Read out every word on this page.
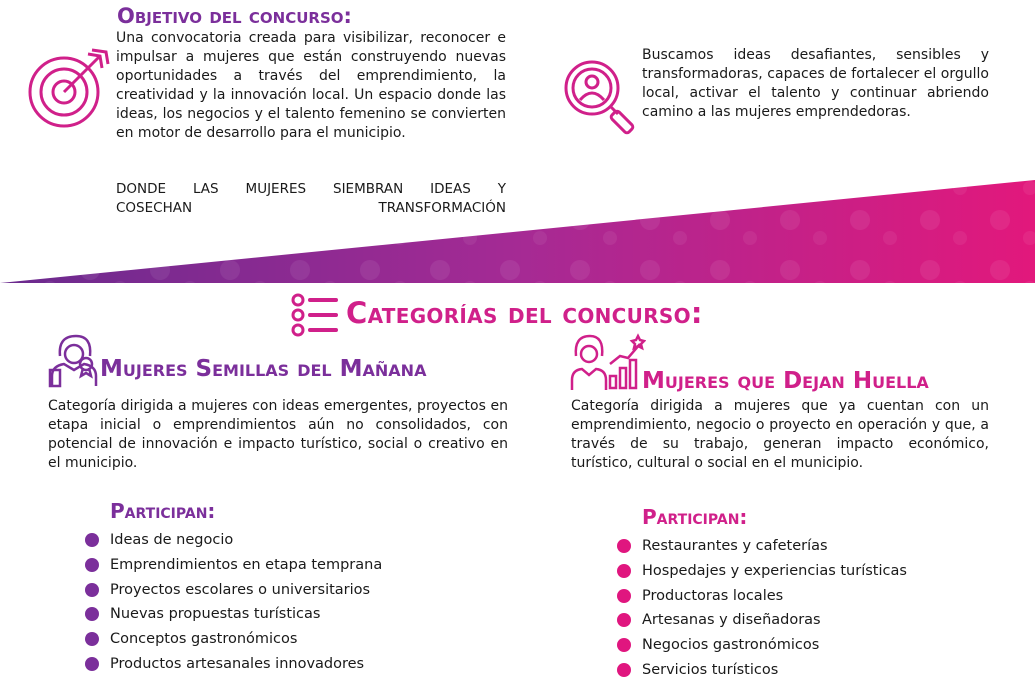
Objetivo del concurso:

Una convocatoria creada para visibilizar, reconocer e impulsar a mujeres que están construyendo nuevas oportunidades a través del emprendimiento, la creatividad y la innovación local. Un espacio donde las ideas, los negocios y el talento femenino se convierten en motor de desarrollo para el municipio.

DONDE LAS MUJERES SIEMBRAN IDEAS Y
COSECHAN TRANSFORMACIÓN

Buscamos ideas desafiantes, sensibles y transformadoras, capaces de fortalecer el orgullo local, activar el talento y continuar abriendo camino a las mujeres emprendedoras.

Categorías del concurso:
Mujeres Semillas del Mañana

Categoría dirigida a mujeres con ideas emergentes, proyectos en etapa inicial o emprendimientos aún no consolidados, con potencial de innovación e impacto turístico, social o creativo en el municipio.

Participan:
Ideas de negocio
Emprendimientos en etapa temprana
Proyectos escolares o universitarios
Nuevas propuestas turísticas
Conceptos gastronómicos
Productos artesanales innovadores
Mujeres que Dejan Huella

Categoría dirigida a mujeres que ya cuentan con un emprendimiento, negocio o proyecto en operación y que, a través de su trabajo, generan impacto económico, turístico, cultural o social en el municipio.

Participan:
Restaurantes y cafeterías
Hospedajes y experiencias turísticas
Productoras locales
Artesanas y diseñadoras
Negocios gastronómicos
Servicios turísticos
